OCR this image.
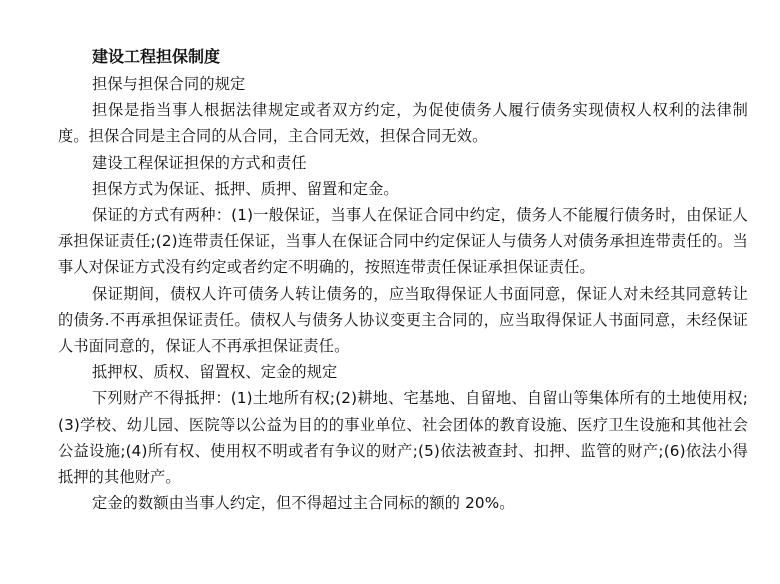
建设工程担保制度

担保与担保合同的规定

担保是指当事人根据法律规定或者双方约定，为促使债务人履行债务实现债权人权利的法律制度。担保合同是主合同的从合同，主合同无效，担保合同无效。

建设工程保证担保的方式和责任

担保方式为保证、抵押、质押、留置和定金。

保证的方式有两种：(1)一般保证，当事人在保证合同中约定，债务人不能履行债务时，由保证人承担保证责任;(2)连带责任保证，当事人在保证合同中约定保证人与债务人对债务承担连带责任的。当事人对保证方式没有约定或者约定不明确的，按照连带责任保证承担保证责任。

保证期间，债权人许可债务人转让债务的，应当取得保证人书面同意，保证人对未经其同意转让的债务.不再承担保证责任。债权人与债务人协议变更主合同的，应当取得保证人书面同意，未经保证人书面同意的，保证人不再承担保证责任。

抵押权、质权、留置权、定金的规定

下列财产不得抵押：(1)土地所有权;(2)耕地、宅基地、自留地、自留山等集体所有的土地使用权;(3)学校、幼儿园、医院等以公益为目的的事业单位、社会团体的教育设施、医疗卫生设施和其他社会公益设施;(4)所有权、使用权不明或者有争议的财产;(5)依法被查封、扣押、监管的财产;(6)依法小得抵押的其他财产。

定金的数额由当事人约定，但不得超过主合同标的额的 20%。
